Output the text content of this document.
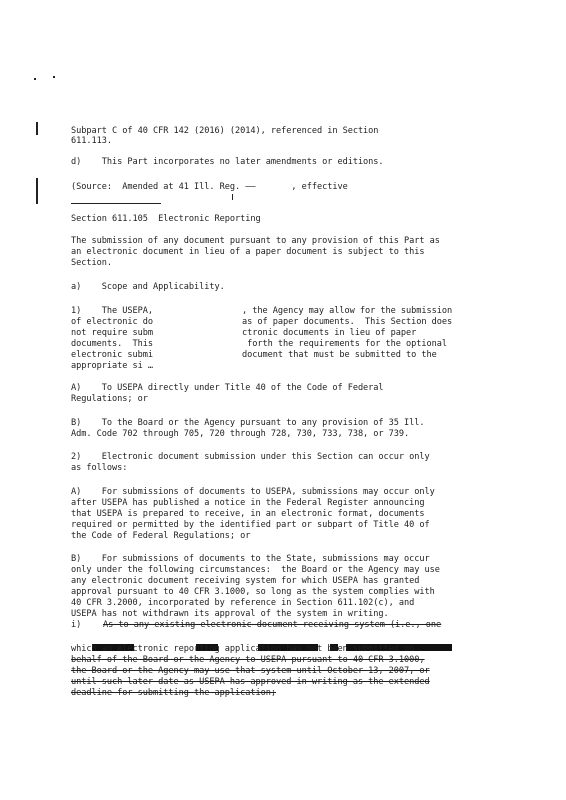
Subpart C of 40 CFR 142 (2016) (2014), referenced in Section
611.113.
d)    This Part incorporates no later amendments or editions.
(Source:  Amended at 41 Ill. Reg. ——       , effective
Section 611.105  Electronic Reporting
The submission of any document pursuant to any provision of this Part as
an electronic document in lieu of a paper document is subject to this
Section.
a)    Scope and Applicability.
1)    The USEPA,
of electronic do
not require subm
documents.  This
electronic submi
appropriate si …
, the Agency may allow for the submission
as of paper documents.  This Section does
ctronic documents in lieu of paper
forth the requirements for the optional
document that must be submitted to the
A)    To USEPA directly under Title 40 of the Code of Federal
Regulations; or
B)    To the Board or the Agency pursuant to any provision of 35 Ill.
Adm. Code 702 through 705, 720 through 728, 730, 733, 738, or 739.
2)    Electronic document submission under this Section can occur only
as follows:
A)    For submissions of documents to USEPA, submissions may occur only
after USEPA has published a notice in the Federal Register announcing
that USEPA is prepared to receive, in an electronic format, documents
required or permitted by the identified part or subpart of Title 40 of
the Code of Federal Regulations; or
B)    For submissions of documents to the State, submissions may occur
only under the following circumstances:  the Board or the Agency may use
any electronic document receiving system for which USEPA has granted
approval pursuant to 40 CFR 3.1000, so long as the system complies with
40 CFR 3.2000, incorporated by reference in Section 611.102(c), and
USEPA has not withdrawn its approval of the system in writing.
i)	As to any existing electronic document receiving system (i.e., one

which an electronic reporting application has not been submitted on
behalf of the Board or the Agency to USEPA pursuant to 40 CFR 3.1000,
the Board or the Agency may use that system until October 13, 2007, or
until such later date as USEPA has approved in writing as the extended
deadline for submitting the application;
